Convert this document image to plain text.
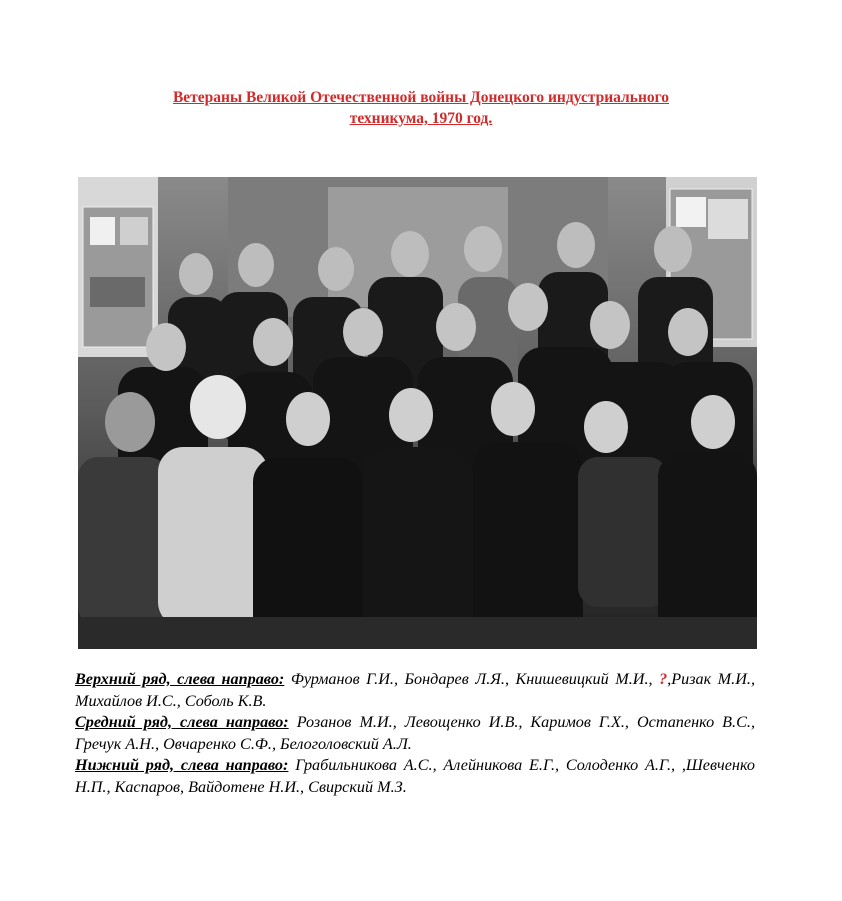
Ветераны Великой Отечественной войны Донецкого индустриального
техникума, 1970 год.

Верхний ряд, слева направо: Фурманов Г.И., Бондарев Л.Я., Книшевицкий М.И., ?,Ризак М.И., Михайлов И.С., Соболь К.В.

Средний ряд, слева направо: Розанов М.И., Левощенко И.В., Каримов Г.Х., Остапенко В.С., Гречук А.Н., Овчаренко С.Ф., Белоголовский А.Л.

Нижний ряд, слева направо: Грабильникова А.С., Алейникова Е.Г., Солоденко А.Г., ,Шевченко Н.П., Каспаров, Вайдотене Н.И., Свирский М.З.
